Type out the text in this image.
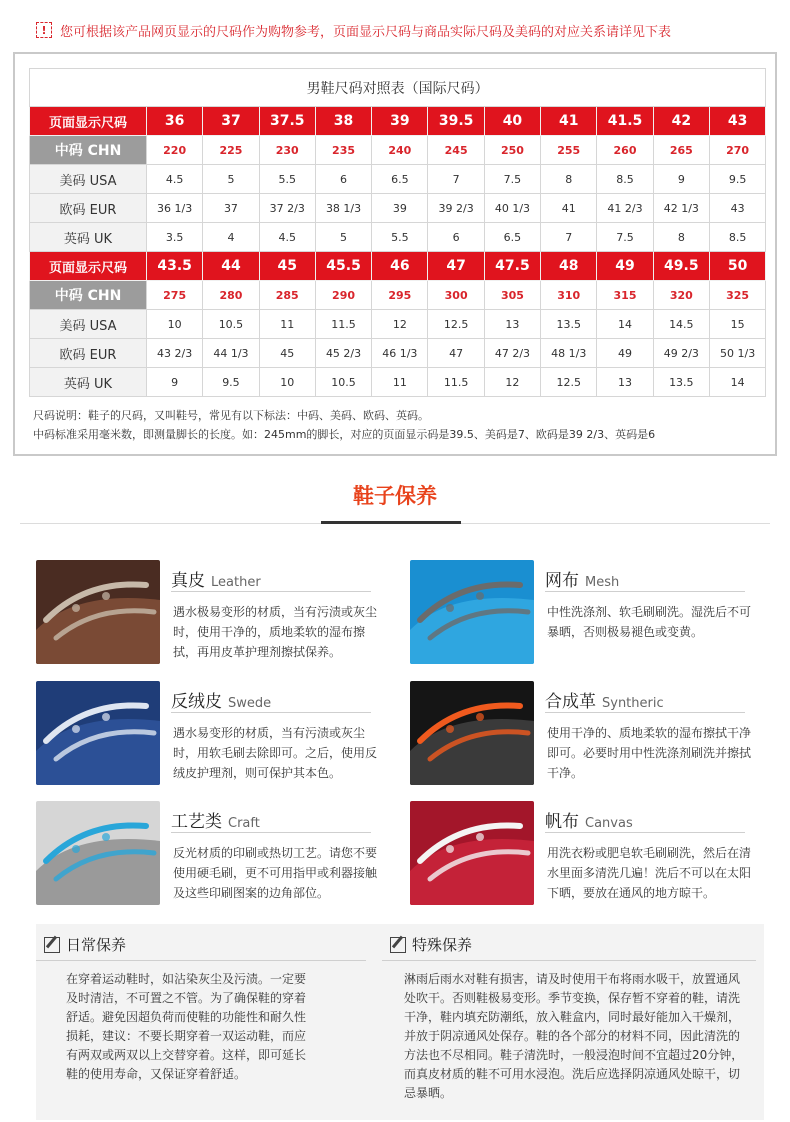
!	您可根据该产品网页显示的尺码作为购物参考，页面显示尺码与商品实际尺码及美码的对应关系请详见下表
男鞋尺码对照表（国际尺码）											
页面显示尺码	36	37	37.5	38	39	39.5	40	41	41.5	42	43
中码 CHN	220	225	230	235	240	245	250	255	260	265	270
美码 USA	4.5	5	5.5	6	6.5	7	7.5	8	8.5	9	9.5
欧码 EUR	36 1/3	37	37 2/3	38 1/3	39	39 2/3	40 1/3	41	41 2/3	42 1/3	43
英码 UK	3.5	4	4.5	5	5.5	6	6.5	7	7.5	8	8.5
页面显示尺码	43.5	44	45	45.5	46	47	47.5	48	49	49.5	50
中码 CHN	275	280	285	290	295	300	305	310	315	320	325
美码 USA	10	10.5	11	11.5	12	12.5	13	13.5	14	14.5	15
欧码 EUR	43 2/3	44 1/3	45	45 2/3	46 1/3	47	47 2/3	48 1/3	49	49 2/3	50 1/3
英码 UK	9	9.5	10	10.5	11	11.5	12	12.5	13	13.5	14
尺码说明：鞋子的尺码，又叫鞋号，常见有以下标法：中码、美码、欧码、英码。
中码标准采用毫米数，即测量脚长的长度。如：245mm的脚长，对应的页面显示码是39.5、美码是7、欧码是39 2/3、英码是6
鞋子保养
真皮 Leather
遇水极易变形的材质，当有污渍或灰尘时，使用干净的，质地柔软的湿布擦拭，再用皮革护理剂擦拭保养。
网布 Mesh
中性洗涤剂、软毛刷刷洗。湿洗后不可暴晒，否则极易褪色或变黄。
反绒皮 Swede
遇水易变形的材质，当有污渍或灰尘时，用软毛刷去除即可。之后，使用反绒皮护理剂，则可保护其本色。
合成革 Syntheric
使用干净的、质地柔软的湿布擦拭干净即可。必要时用中性洗涤剂刷洗并擦拭干净。
工艺类 Craft
反光材质的印刷或热切工艺。请您不要使用硬毛刷，更不可用指甲或利器接触及这些印刷图案的边角部位。
帆布 Canvas
用洗衣粉或肥皂软毛刷刷洗，然后在清水里面多清洗几遍！洗后不可以在太阳下晒，要放在通风的地方晾干。
日常保养
在穿着运动鞋时，如沾染灰尘及污渍。一定要及时清洁，不可置之不管。为了确保鞋的穿着舒适。避免因超负荷而使鞋的功能性和耐久性损耗，建议：不要长期穿着一双运动鞋，而应有两双或两双以上交替穿着。这样，即可延长鞋的使用寿命，又保证穿着舒适。
特殊保养
淋雨后雨水对鞋有损害，请及时使用干布将雨水吸干，放置通风处吹干。否则鞋极易变形。季节变换，保存暂不穿着的鞋，请洗干净，鞋内填充防潮纸，放入鞋盒内，同时最好能加入干燥剂，并放于阴凉通风处保存。鞋的各个部分的材料不同，因此清洗的方法也不尽相同。鞋子清洗时，一般浸泡时间不宜超过20分钟，而真皮材质的鞋不可用水浸泡。洗后应选择阴凉通风处晾干，切忌暴晒。
